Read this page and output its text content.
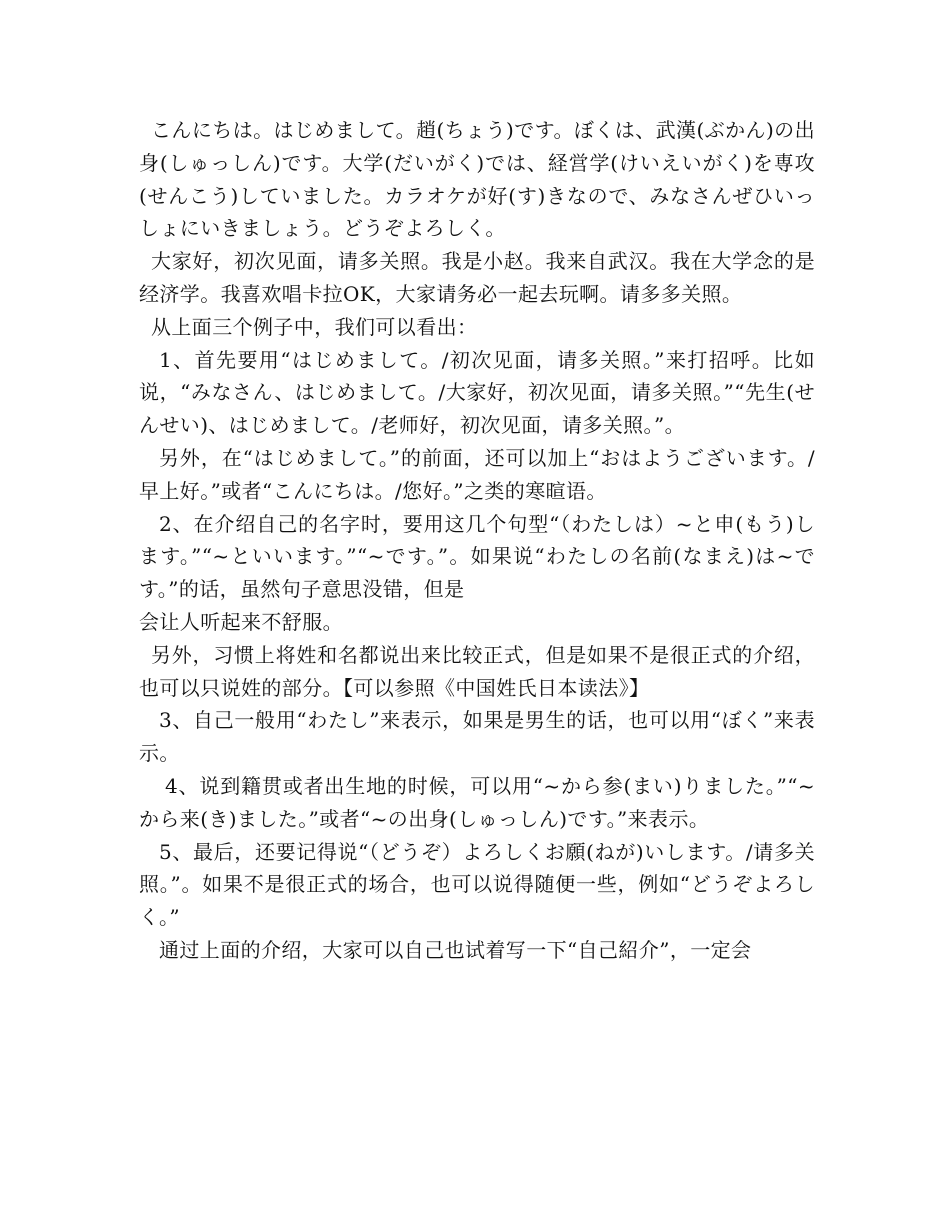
こんにちは。はじめまして。趙(ちょう)です。ぼくは、武漢(ぶかん)の出身(しゅっしん)です。大学(だいがく)では、経営学(けいえいがく)を専攻(せんこう)していました。カラオケが好(す)きなので、みなさんぜひいっしょにいきましょう。どうぞよろしく。

大家好，初次见面，请多关照。我是小赵。我来自武汉。我在大学念的是经济学。我喜欢唱卡拉OK，大家请务必一起去玩啊。请多多关照。

从上面三个例子中，我们可以看出：

1、首先要用“はじめまして。/初次见面，请多关照。”来打招呼。比如说，“みなさん、はじめまして。/大家好，初次见面，请多关照。”“先生(せんせい)、はじめまして。/老师好，初次见面，请多关照。”。

另外，在“はじめまして。”的前面，还可以加上“おはようございます。/早上好。”或者“こんにちは。/您好。”之类的寒暄语。

2、在介绍自己的名字时，要用这几个句型“（わたしは）~と申(もう)します。”“~といいます。”“~です。”。如果说“わたしの名前(なまえ)は~です。”的话，虽然句子意思没错，但是

会让人听起来不舒服。

另外，习惯上将姓和名都说出来比较正式，但是如果不是很正式的介绍，也可以只说姓的部分。【可以参照《中国姓氏日本读法》】

3、自己一般用“わたし”来表示，如果是男生的话，也可以用“ぼく”来表示。

4、说到籍贯或者出生地的时候，可以用“~から参(まい)りました。”“~から来(き)ました。”或者“~の出身(しゅっしん)です。”来表示。

5、最后，还要记得说“（どうぞ）よろしくお願(ねが)いします。/请多关照。”。如果不是很正式的场合，也可以说得随便一些，例如“どうぞよろしく。”

通过上面的介绍，大家可以自己也试着写一下“自己紹介”，一定会
